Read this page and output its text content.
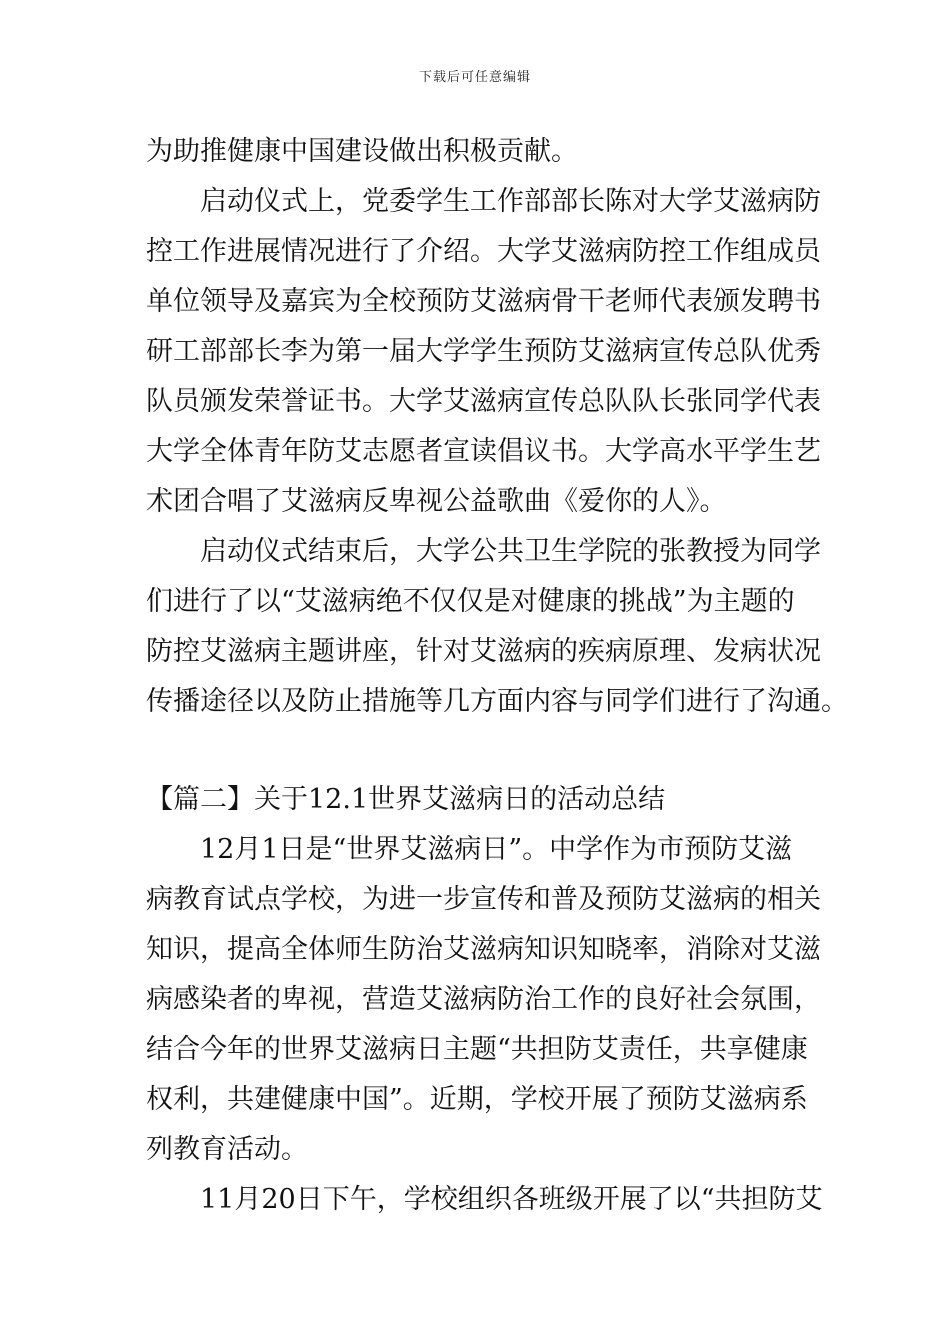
下载后可任意编辑
为助推健康中国建设做出积极贡献。
启动仪式上，党委学生工作部部长陈对大学艾滋病防
控工作进展情况进行了介绍。大学艾滋病防控工作组成员
单位领导及嘉宾为全校预防艾滋病骨干老师代表颁发聘书
研工部部长李为第一届大学学生预防艾滋病宣传总队优秀
队员颁发荣誉证书。大学艾滋病宣传总队队长张同学代表
大学全体青年防艾志愿者宣读倡议书。大学高水平学生艺
术团合唱了艾滋病反卑视公益歌曲《爱你的人》。
启动仪式结束后，大学公共卫生学院的张教授为同学
们进行了以“艾滋病绝不仅仅是对健康的挑战”为主题的
防控艾滋病主题讲座，针对艾滋病的疾病原理、发病状况
传播途径以及防止措施等几方面内容与同学们进行了沟通。
【篇二】关于12.1世界艾滋病日的活动总结
12月1日是“世界艾滋病日”。中学作为市预防艾滋
病教育试点学校，为进一步宣传和普及预防艾滋病的相关
知识，提高全体师生防治艾滋病知识知晓率，消除对艾滋
病感染者的卑视，营造艾滋病防治工作的良好社会氛围，
结合今年的世界艾滋病日主题“共担防艾责任，共享健康
权利，共建健康中国”。近期，学校开展了预防艾滋病系
列教育活动。
11月20日下午，学校组织各班级开展了以“共担防艾
